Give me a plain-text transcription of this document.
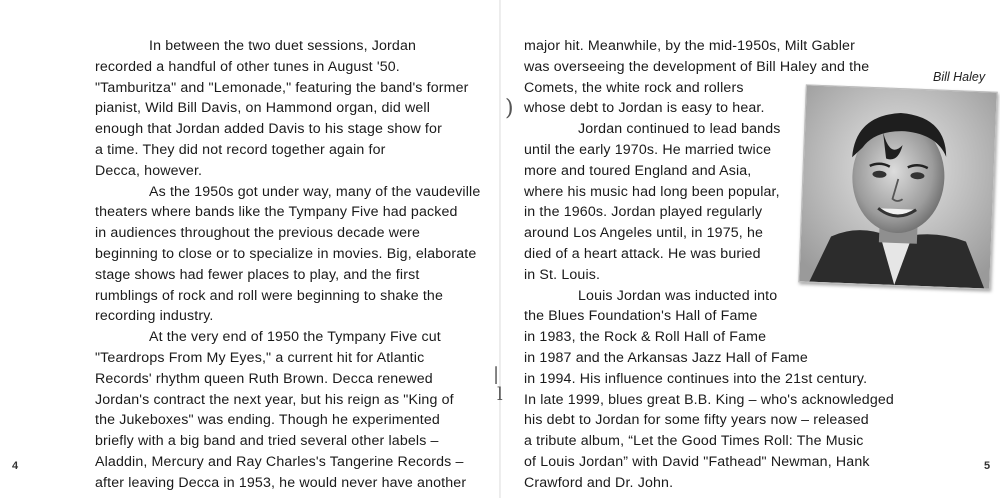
In between the two duet sessions, Jordan
recorded a handful of other tunes in August '50.
"Tamburitza" and "Lemonade," featuring the band's former
pianist, Wild Bill Davis, on Hammond organ, did well
enough that Jordan added Davis to his stage show for
a time. They did not record together again for
Decca, however.
As the 1950s got under way, many of the vaudeville
theaters where bands like the Tympany Five had packed
in audiences throughout the previous decade were
beginning to close or to specialize in movies. Big, elaborate
stage shows had fewer places to play, and the first
rumblings of rock and roll were beginning to shake the
recording industry.
At the very end of 1950 the Tympany Five cut
"Teardrops From My Eyes," a current hit for Atlantic
Records' rhythm queen Ruth Brown. Decca renewed
Jordan's contract the next year, but his reign as "King of
the Jukeboxes" was ending. Though he experimented
briefly with a big band and tried several other labels –
Aladdin, Mercury and Ray Charles's Tangerine Records –
after leaving Decca in 1953, he would never have another
4
major hit. Meanwhile, by the mid-1950s, Milt Gabler
was overseeing the development of Bill Haley and the
Comets, the white rock and rollers
whose debt to Jordan is easy to hear.
Jordan continued to lead bands
until the early 1970s. He married twice
more and toured England and Asia,
where his music had long been popular,
in the 1960s. Jordan played regularly
around Los Angeles until, in 1975, he
died of a heart attack. He was buried
in St. Louis.
Louis Jordan was inducted into
the Blues Foundation's Hall of Fame
in 1983, the Rock & Roll Hall of Fame
in 1987 and the Arkansas Jazz Hall of Fame
in 1994. His influence continues into the 21st century.
In late 1999, blues great B.B. King – who's acknowledged
his debt to Jordan for some fifty years now – released
a tribute album, “Let the Good Times Roll: The Music
of Louis Jordan” with David "Fathead" Newman, Hank
Crawford and Dr. John.
Bill Haley
5
)
|
l
